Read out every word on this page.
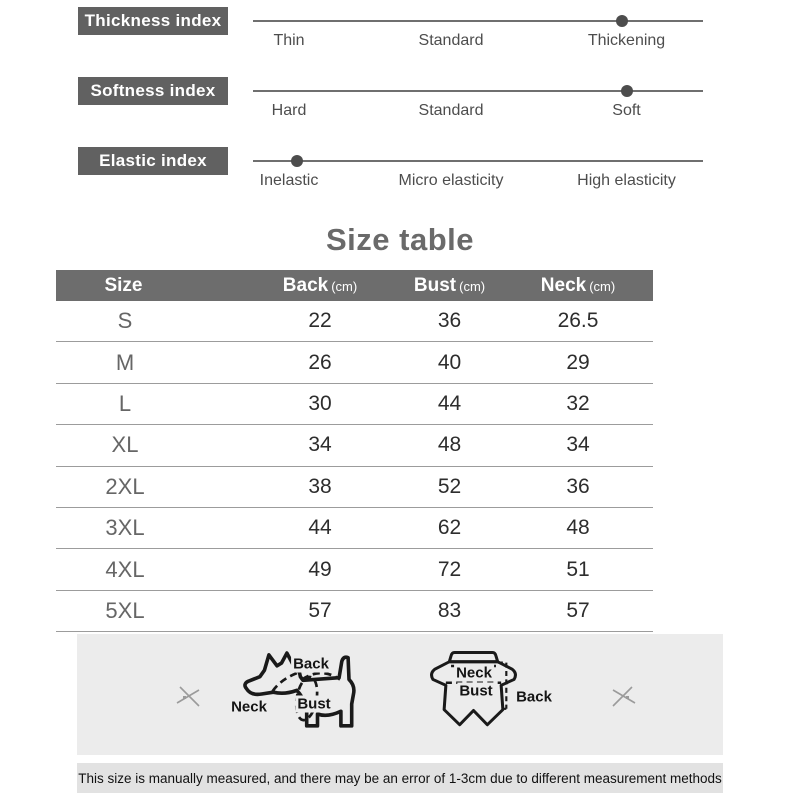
Thickness index
Thin	Standard	Thickening
Softness index
Hard	Standard	Soft
Elastic index
Inelastic	Micro elasticity	High elasticity
Size table
Size	Back (cm)	Bust (cm)	Neck (cm)
S	22	36	26.5
M	26	40	29
L	30	44	32
XL	34	48	34
2XL	38	52	36
3XL	44	62	48
4XL	49	72	51
5XL	57	83	57
Back
Bust
Neck
Neck
Bust Back
This size is manually measured, and there may be an error of 1-3cm due to different measurement methods
